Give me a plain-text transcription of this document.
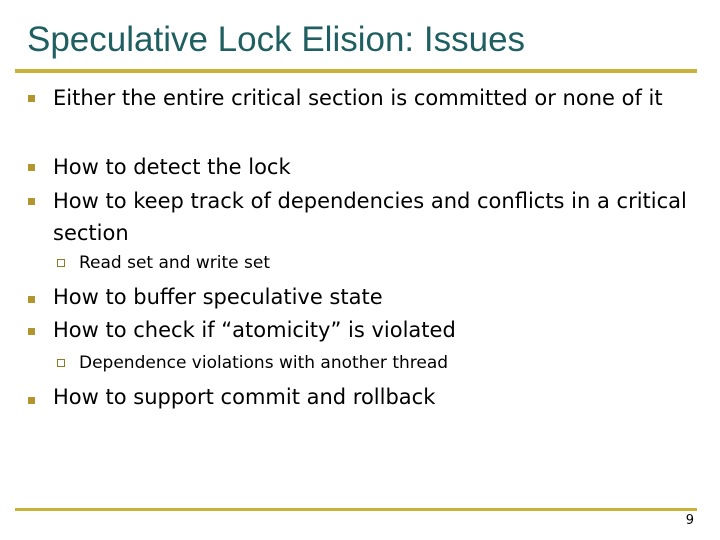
Speculative Lock Elision: Issues
Either the entire critical section is committed or none of it
How to detect the lock
How to keep track of dependencies and conflicts in a critical section
Read set and write set
How to buffer speculative state
How to check if “atomicity” is violated
Dependence violations with another thread
How to support commit and rollback
9
